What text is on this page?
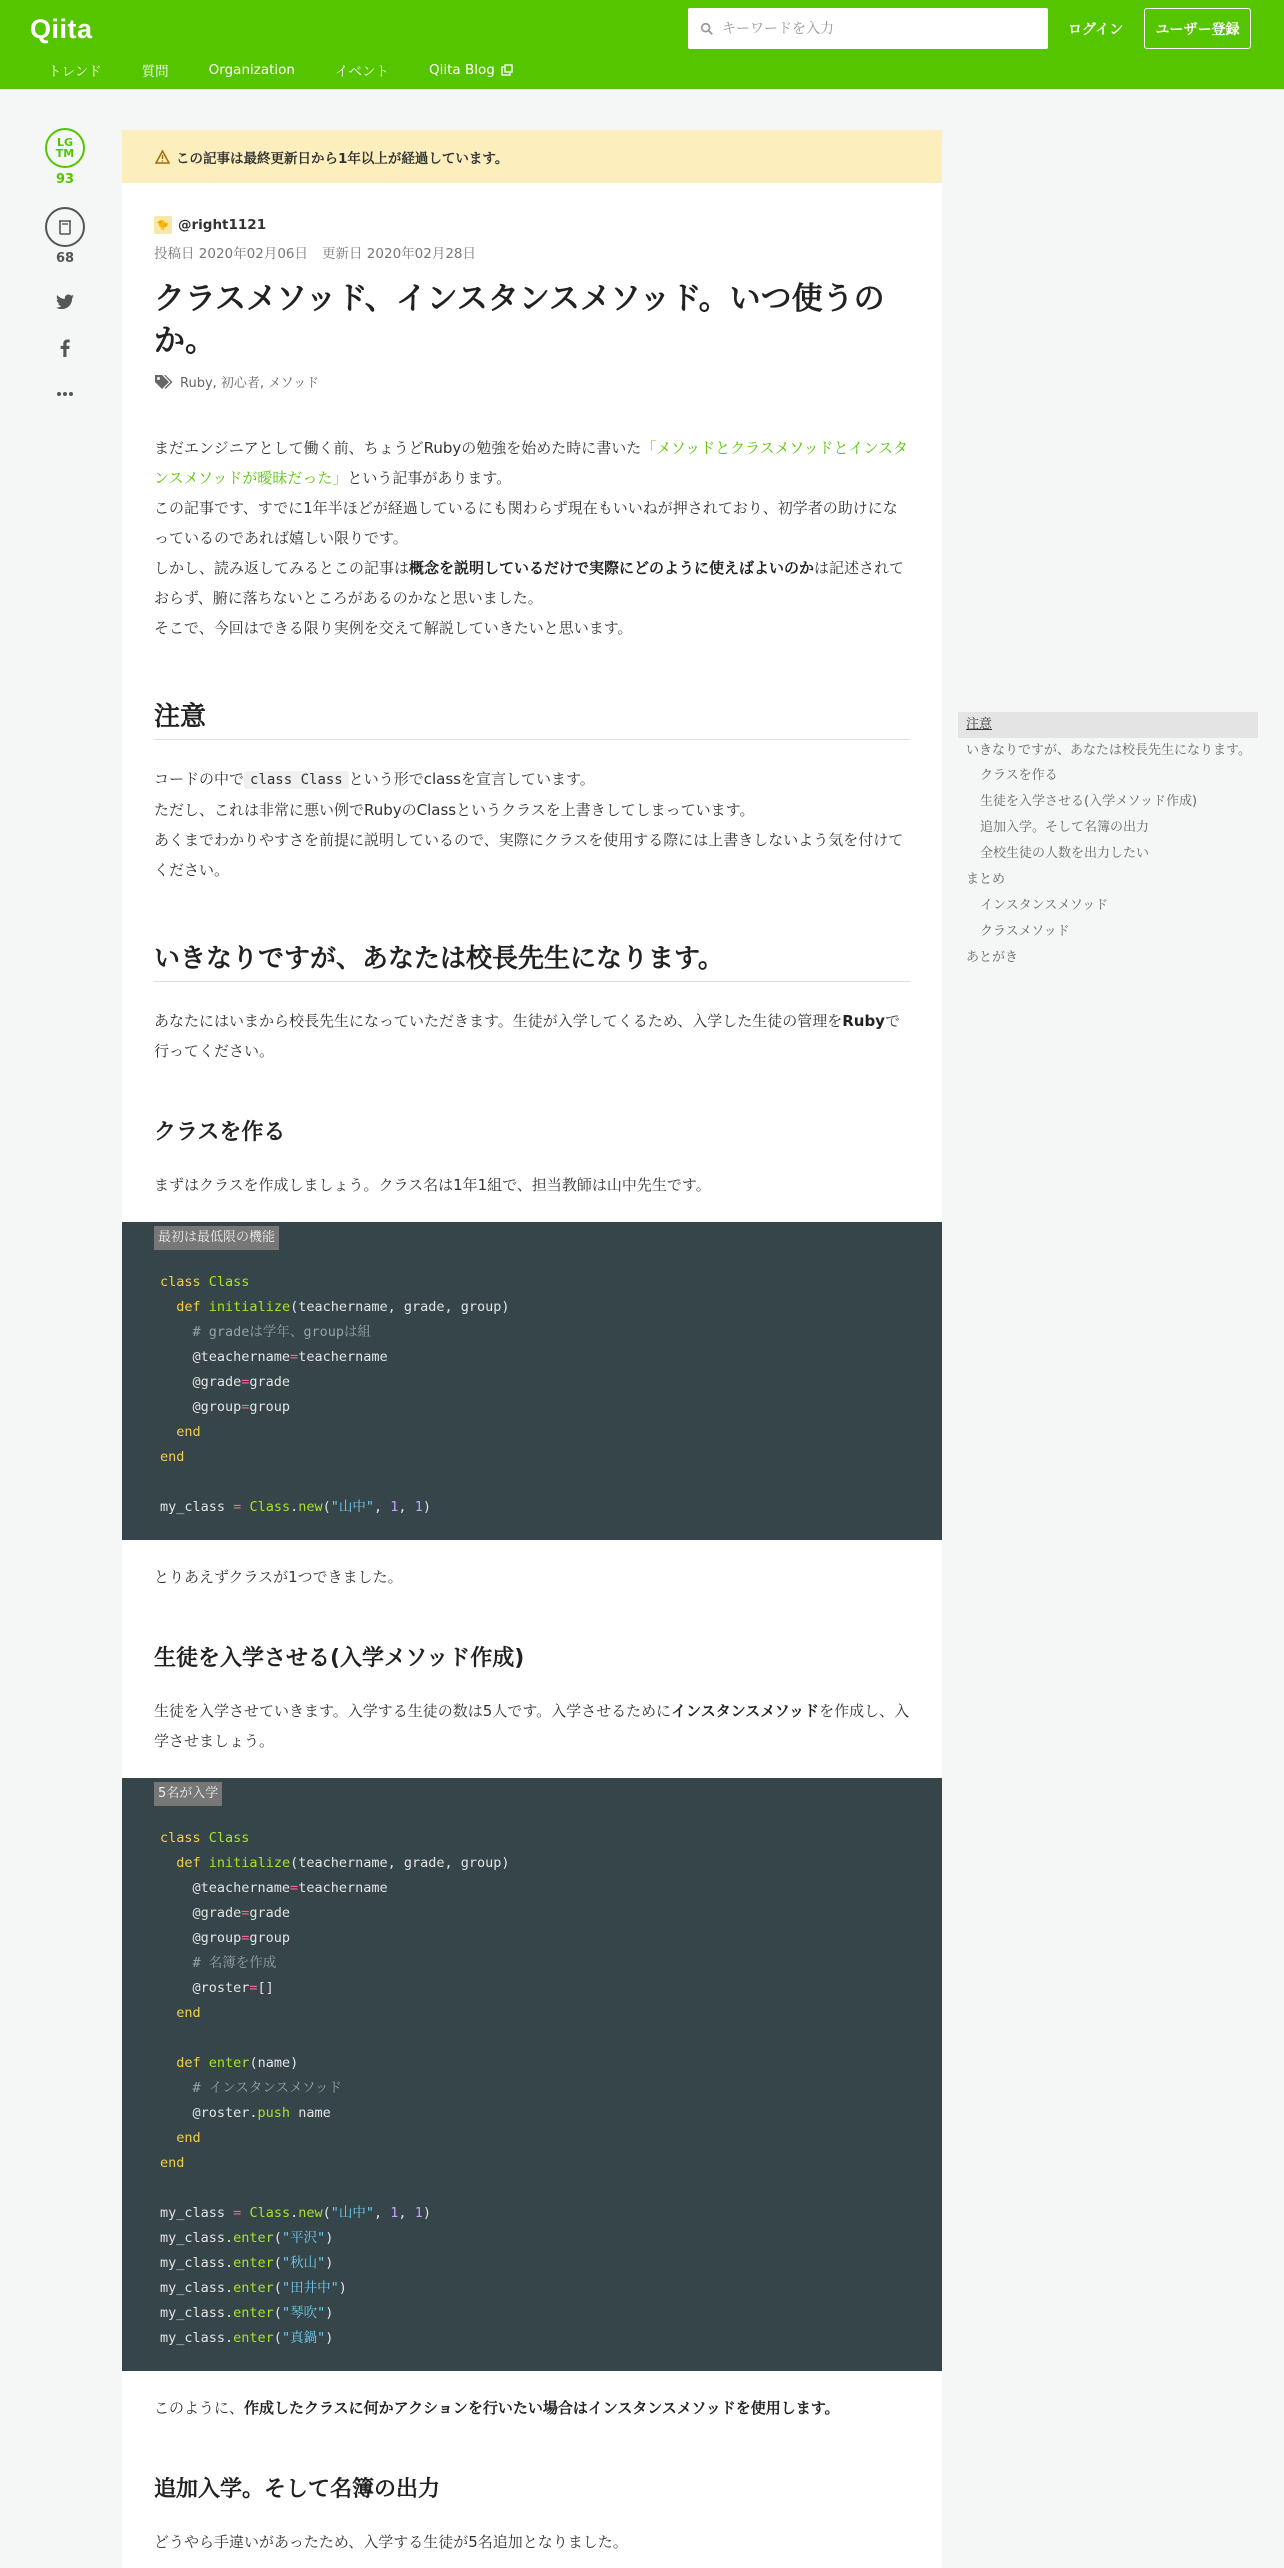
Qiita
キーワードを入力	ログイン	ユーザー登録
トレンド	質問	Organization	イベント	Qiita Blog
LG
TM
93
68
この記事は最終更新日から1年以上が経過しています。
🐤 @right1121
投稿日 2020年02月06日 更新日 2020年02月28日
クラスメソッド、インスタンスメソッド。いつ使うのか。
Ruby, 初心者, メソッド

まだエンジニアとして働く前、ちょうどRubyの勉強を始めた時に書いた「メソッドとクラスメソッドとインスタンスメソッドが曖昧だった」という記事があります。

この記事です、すでに1年半ほどが経過しているにも関わらず現在もいいねが押されており、初学者の助けになっているのであれば嬉しい限りです。

しかし、読み返してみるとこの記事は概念を説明しているだけで実際にどのように使えばよいのかは記述されておらず、腑に落ちないところがあるのかなと思いました。

そこで、今回はできる限り実例を交えて解説していきたいと思います。

注意

コードの中で class Class という形でclassを宣言しています。

ただし、これは非常に悪い例でRubyのClassというクラスを上書きしてしまっています。

あくまでわかりやすさを前提に説明しているので、実際にクラスを使用する際には上書きしないよう気を付けてください。

いきなりですが、あなたは校長先生になります。

あなたにはいまから校長先生になっていただきます。生徒が入学してくるため、入学した生徒の管理をRubyで行ってください。

クラスを作る

まずはクラスを作成しましょう。クラス名は1年1組で、担当教師は山中先生です。

最初は最低限の機能
class Class
def initialize(teachername, grade, group)
# gradeは学年、groupは組
@teachername=teachername
@grade=grade
@group=group
end
end

my_class = Class.new("山中", 1, 1)

とりあえずクラスが1つできました。

生徒を入学させる(入学メソッド作成)

生徒を入学させていきます。入学する生徒の数は5人です。入学させるためにインスタンスメソッドを作成し、入学させましょう。

5名が入学
class Class
def initialize(teachername, grade, group)
@teachername=teachername
@grade=grade
@group=group
# 名簿を作成
@roster=[]
end

def enter(name)
# インスタンスメソッド
@roster.push name
end
end

my_class = Class.new("山中", 1, 1)
my_class.enter("平沢")
my_class.enter("秋山")
my_class.enter("田井中")
my_class.enter("琴吹")
my_class.enter("真鍋")

このように、作成したクラスに何かアクションを行いたい場合はインスタンスメソッドを使用します。

追加入学。そして名簿の出力

どうやら手違いがあったため、入学する生徒が5名追加となりました。

注意
いきなりですが、あなたは校長先生になります。
クラスを作る
生徒を入学させる(入学メソッド作成)
追加入学。そして名簿の出力
全校生徒の人数を出力したい
まとめ
インスタンスメソッド
クラスメソッド
あとがき
